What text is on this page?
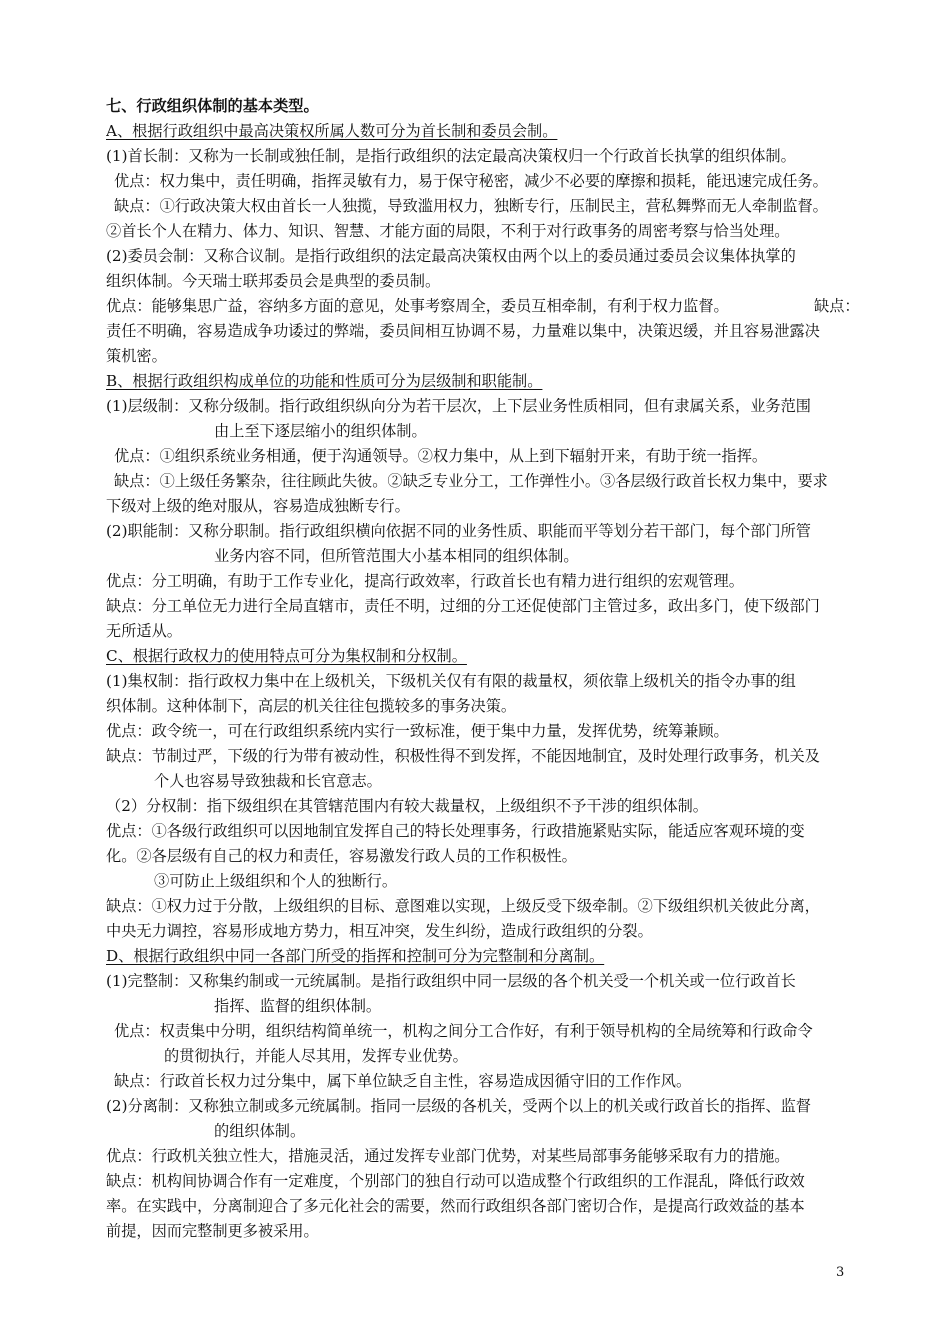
七、行政组织体制的基本类型。
A、根据行政组织中最高决策权所属人数可分为首长制和委员会制。
(1)首长制：又称为一长制或独任制，是指行政组织的法定最高决策权归一个行政首长执掌的组织体制。
优点：权力集中，责任明确，指挥灵敏有力，易于保守秘密，减少不必要的摩擦和损耗，能迅速完成任务。
缺点：①行政决策大权由首长一人独揽，导致滥用权力，独断专行，压制民主，营私舞弊而无人牵制监督。
②首长个人在精力、体力、知识、智慧、才能方面的局限，不利于对行政事务的周密考察与恰当处理。
(2)委员会制：又称合议制。是指行政组织的法定最高决策权由两个以上的委员通过委员会议集体执掌的
组织体制。今天瑞士联邦委员会是典型的委员制。
优点：能够集思广益，容纳多方面的意见，处事考察周全，委员互相牵制，有利于权力监督。	缺点：
责任不明确，容易造成争功诿过的弊端，委员间相互协调不易，力量难以集中，决策迟缓，并且容易泄露决
策机密。
B、根据行政组织构成单位的功能和性质可分为层级制和职能制。
(1)层级制：又称分级制。指行政组织纵向分为若干层次，上下层业务性质相同，但有隶属关系，业务范围
由上至下逐层缩小的组织体制。
优点：①组织系统业务相通，便于沟通领导。②权力集中，从上到下辐射开来，有助于统一指挥。
缺点：①上级任务繁杂，往往顾此失彼。②缺乏专业分工，工作弹性小。③各层级行政首长权力集中，要求
下级对上级的绝对服从，容易造成独断专行。
(2)职能制：又称分职制。指行政组织横向依据不同的业务性质、职能而平等划分若干部门，每个部门所管
业务内容不同，但所管范围大小基本相同的组织体制。
优点：分工明确，有助于工作专业化，提高行政效率，行政首长也有精力进行组织的宏观管理。
缺点：分工单位无力进行全局直辖市，责任不明，过细的分工还促使部门主管过多，政出多门，使下级部门
无所适从。
C、根据行政权力的使用特点可分为集权制和分权制。
(1)集权制：指行政权力集中在上级机关，下级机关仅有有限的裁量权，须依靠上级机关的指令办事的组
织体制。这种体制下，高层的机关往往包揽较多的事务决策。
优点：政令统一，可在行政组织系统内实行一致标准，便于集中力量，发挥优势，统筹兼顾。
缺点：节制过严，下级的行为带有被动性，积极性得不到发挥，不能因地制宜，及时处理行政事务，机关及
个人也容易导致独裁和长官意志。
（2）分权制：指下级组织在其管辖范围内有较大裁量权，上级组织不予干涉的组织体制。
优点：①各级行政组织可以因地制宜发挥自己的特长处理事务，行政措施紧贴实际，能适应客观环境的变
化。②各层级有自己的权力和责任，容易激发行政人员的工作积极性。
③可防止上级组织和个人的独断行。
缺点：①权力过于分散，上级组织的目标、意图难以实现，上级反受下级牵制。②下级组织机关彼此分离，
中央无力调控，容易形成地方势力，相互冲突，发生纠纷，造成行政组织的分裂。
D、根据行政组织中同一各部门所受的指挥和控制可分为完整制和分离制。
(1)完整制：又称集约制或一元统属制。是指行政组织中同一层级的各个机关受一个机关或一位行政首长
指挥、监督的组织体制。
优点：权责集中分明，组织结构简单统一，机构之间分工合作好，有利于领导机构的全局统筹和行政命令
的贯彻执行，并能人尽其用，发挥专业优势。
缺点：行政首长权力过分集中，属下单位缺乏自主性，容易造成因循守旧的工作作风。
(2)分离制：又称独立制或多元统属制。指同一层级的各机关，受两个以上的机关或行政首长的指挥、监督
的组织体制。
优点：行政机关独立性大，措施灵活，通过发挥专业部门优势，对某些局部事务能够采取有力的措施。
缺点：机构间协调合作有一定难度，个别部门的独自行动可以造成整个行政组织的工作混乱，降低行政效
率。在实践中，分离制迎合了多元化社会的需要，然而行政组织各部门密切合作，是提高行政效益的基本
前提，因而完整制更多被采用。
3
